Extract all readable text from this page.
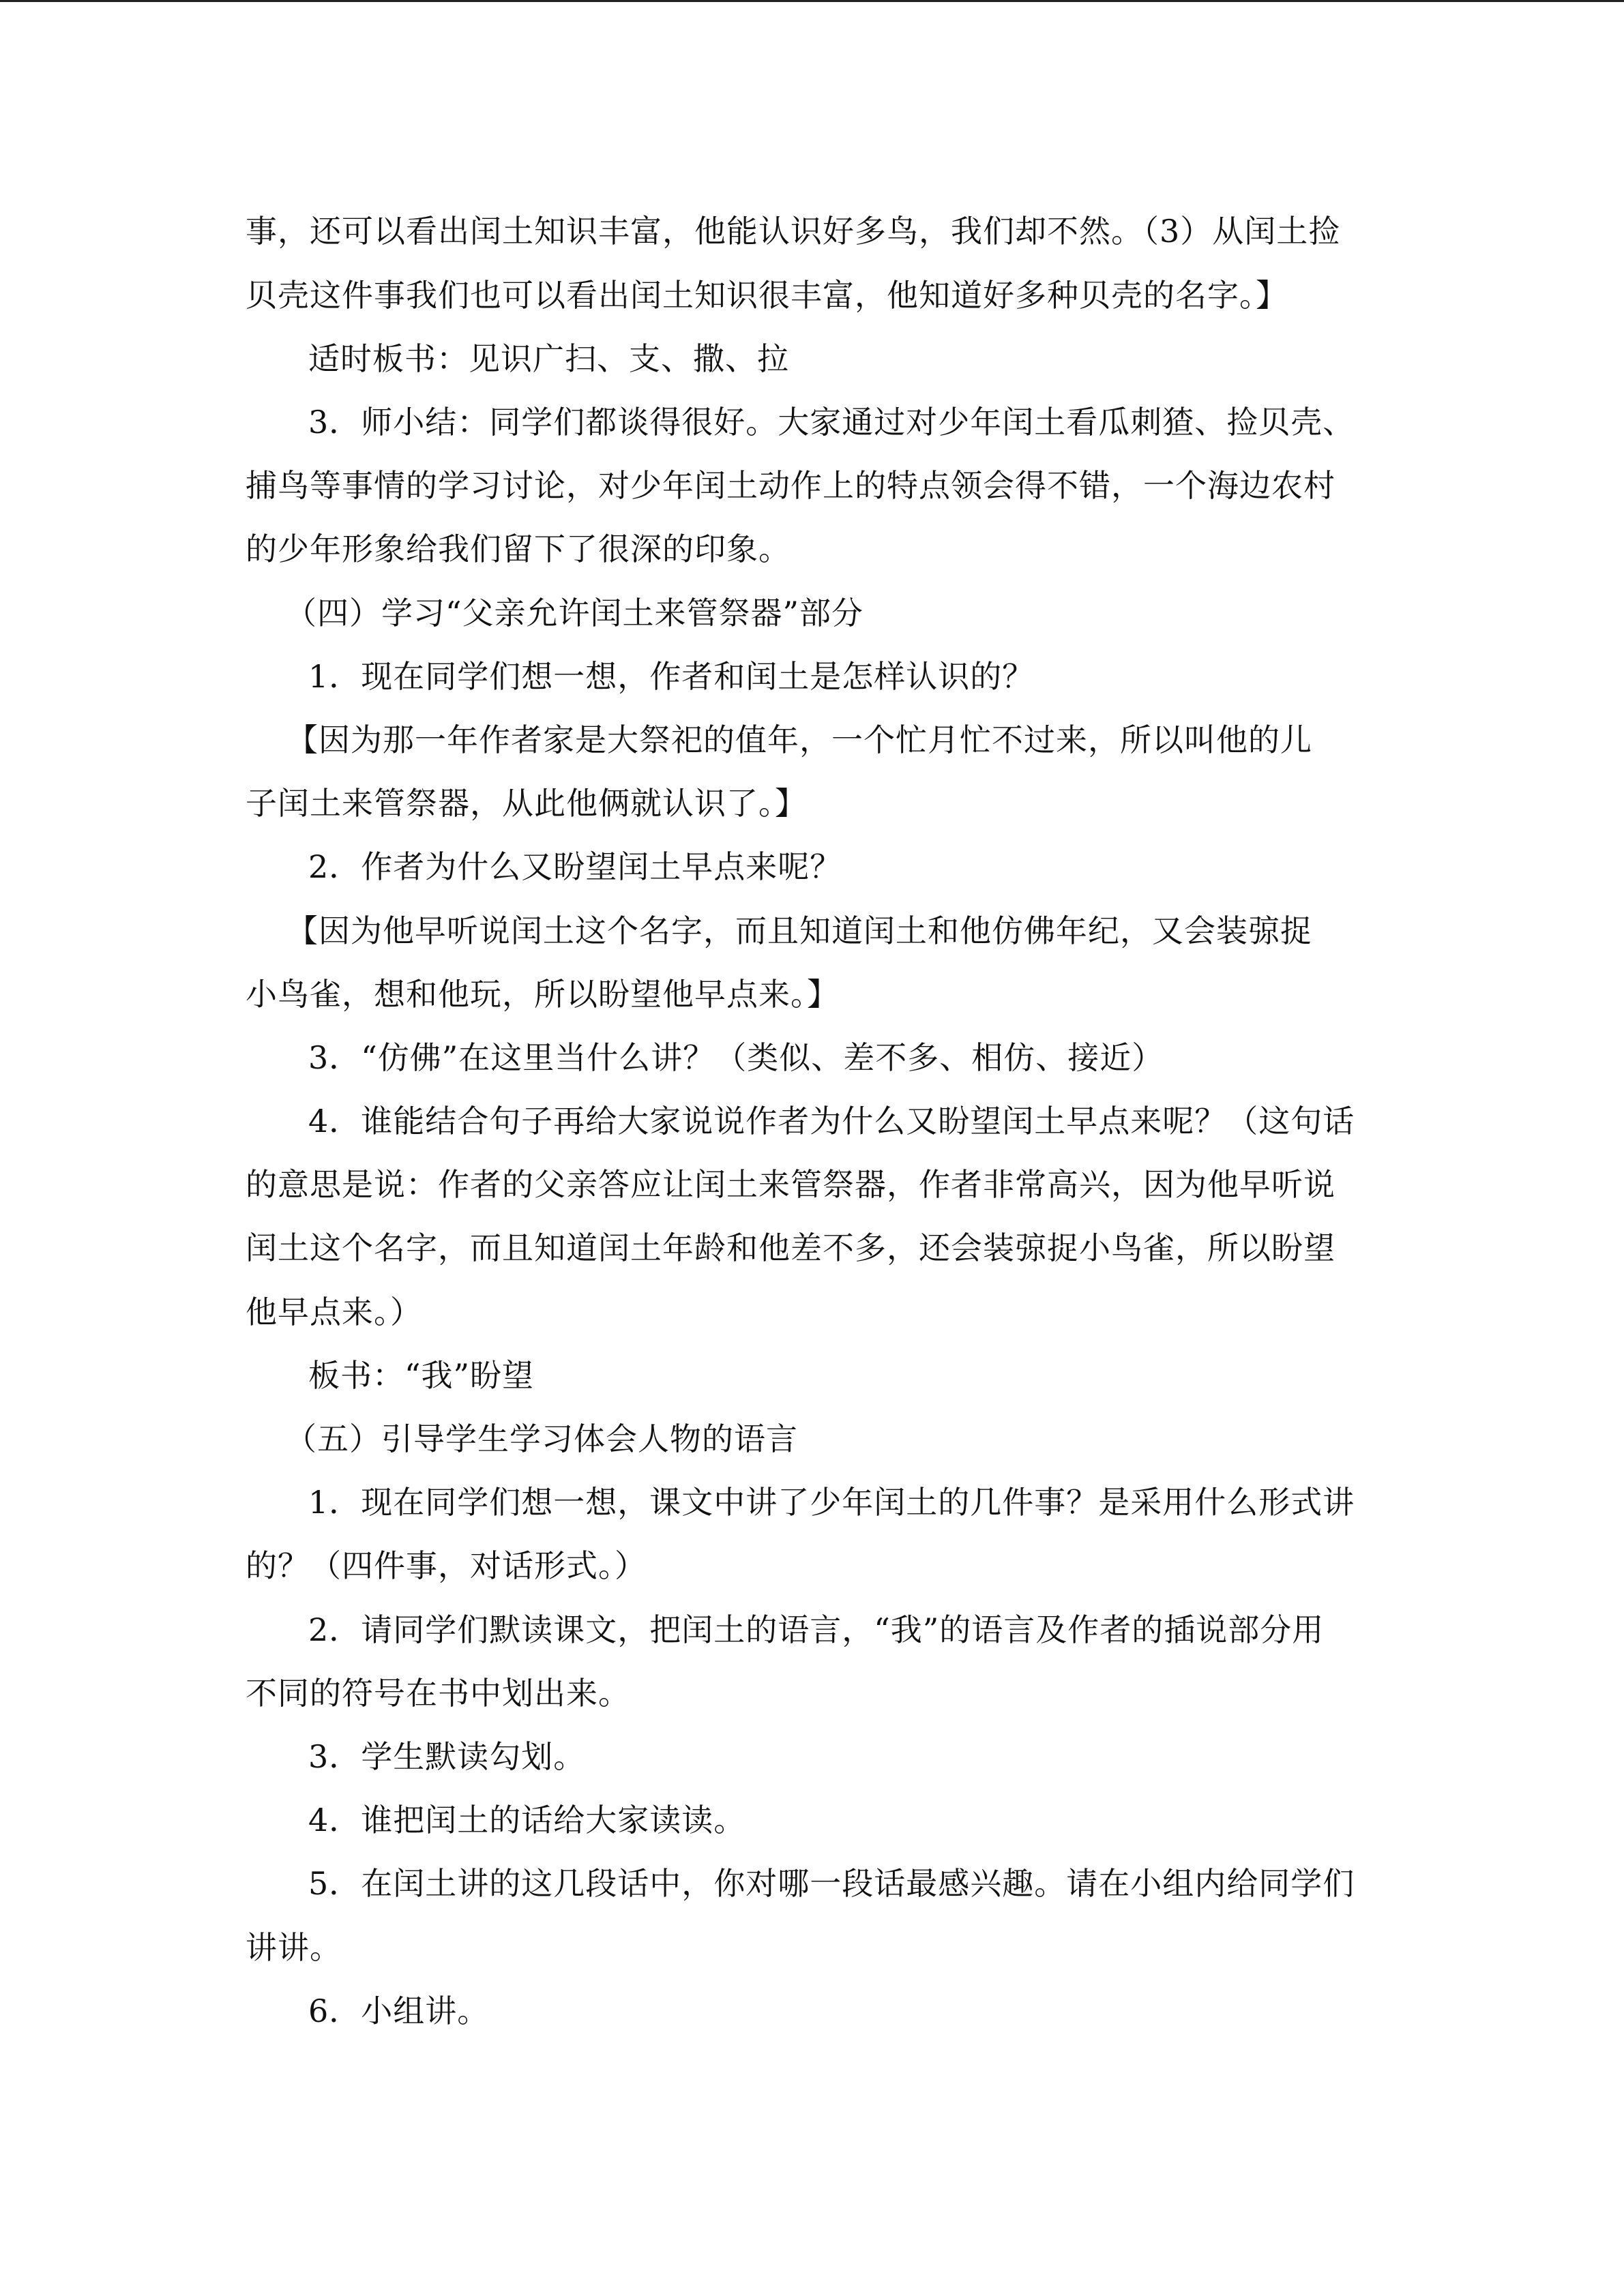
事，还可以看出闰土知识丰富，他能认识好多鸟，我们却不然。（3）从闰土捡
贝壳这件事我们也可以看出闰土知识很丰富，他知道好多种贝壳的名字。】
适时板书：见识广扫、支、撒、拉
3．师小结：同学们都谈得很好。大家通过对少年闰土看瓜刺猹、捡贝壳、
捕鸟等事情的学习讨论，对少年闰土动作上的特点领会得不错，一个海边农村
的少年形象给我们留下了很深的印象。
（四）学习“父亲允许闰土来管祭器”部分
1．现在同学们想一想，作者和闰土是怎样认识的？
【因为那一年作者家是大祭祀的值年，一个忙月忙不过来，所以叫他的儿
子闰土来管祭器，从此他俩就认识了。】
2．作者为什么又盼望闰土早点来呢？
【因为他早听说闰土这个名字，而且知道闰土和他仿佛年纪，又会装弶捉
小鸟雀，想和他玩，所以盼望他早点来。】
3．“仿佛”在这里当什么讲？（类似、差不多、相仿、接近）
4．谁能结合句子再给大家说说作者为什么又盼望闰土早点来呢？（这句话
的意思是说：作者的父亲答应让闰土来管祭器，作者非常高兴，因为他早听说
闰土这个名字，而且知道闰土年龄和他差不多，还会装弶捉小鸟雀，所以盼望
他早点来。）
板书：“我”盼望
（五）引导学生学习体会人物的语言
1．现在同学们想一想，课文中讲了少年闰土的几件事？是采用什么形式讲
的？（四件事，对话形式。）
2．请同学们默读课文，把闰土的语言，“我”的语言及作者的插说部分用
不同的符号在书中划出来。
3．学生默读勾划。
4．谁把闰土的话给大家读读。
5．在闰土讲的这几段话中，你对哪一段话最感兴趣。请在小组内给同学们
讲讲。
6．小组讲。
